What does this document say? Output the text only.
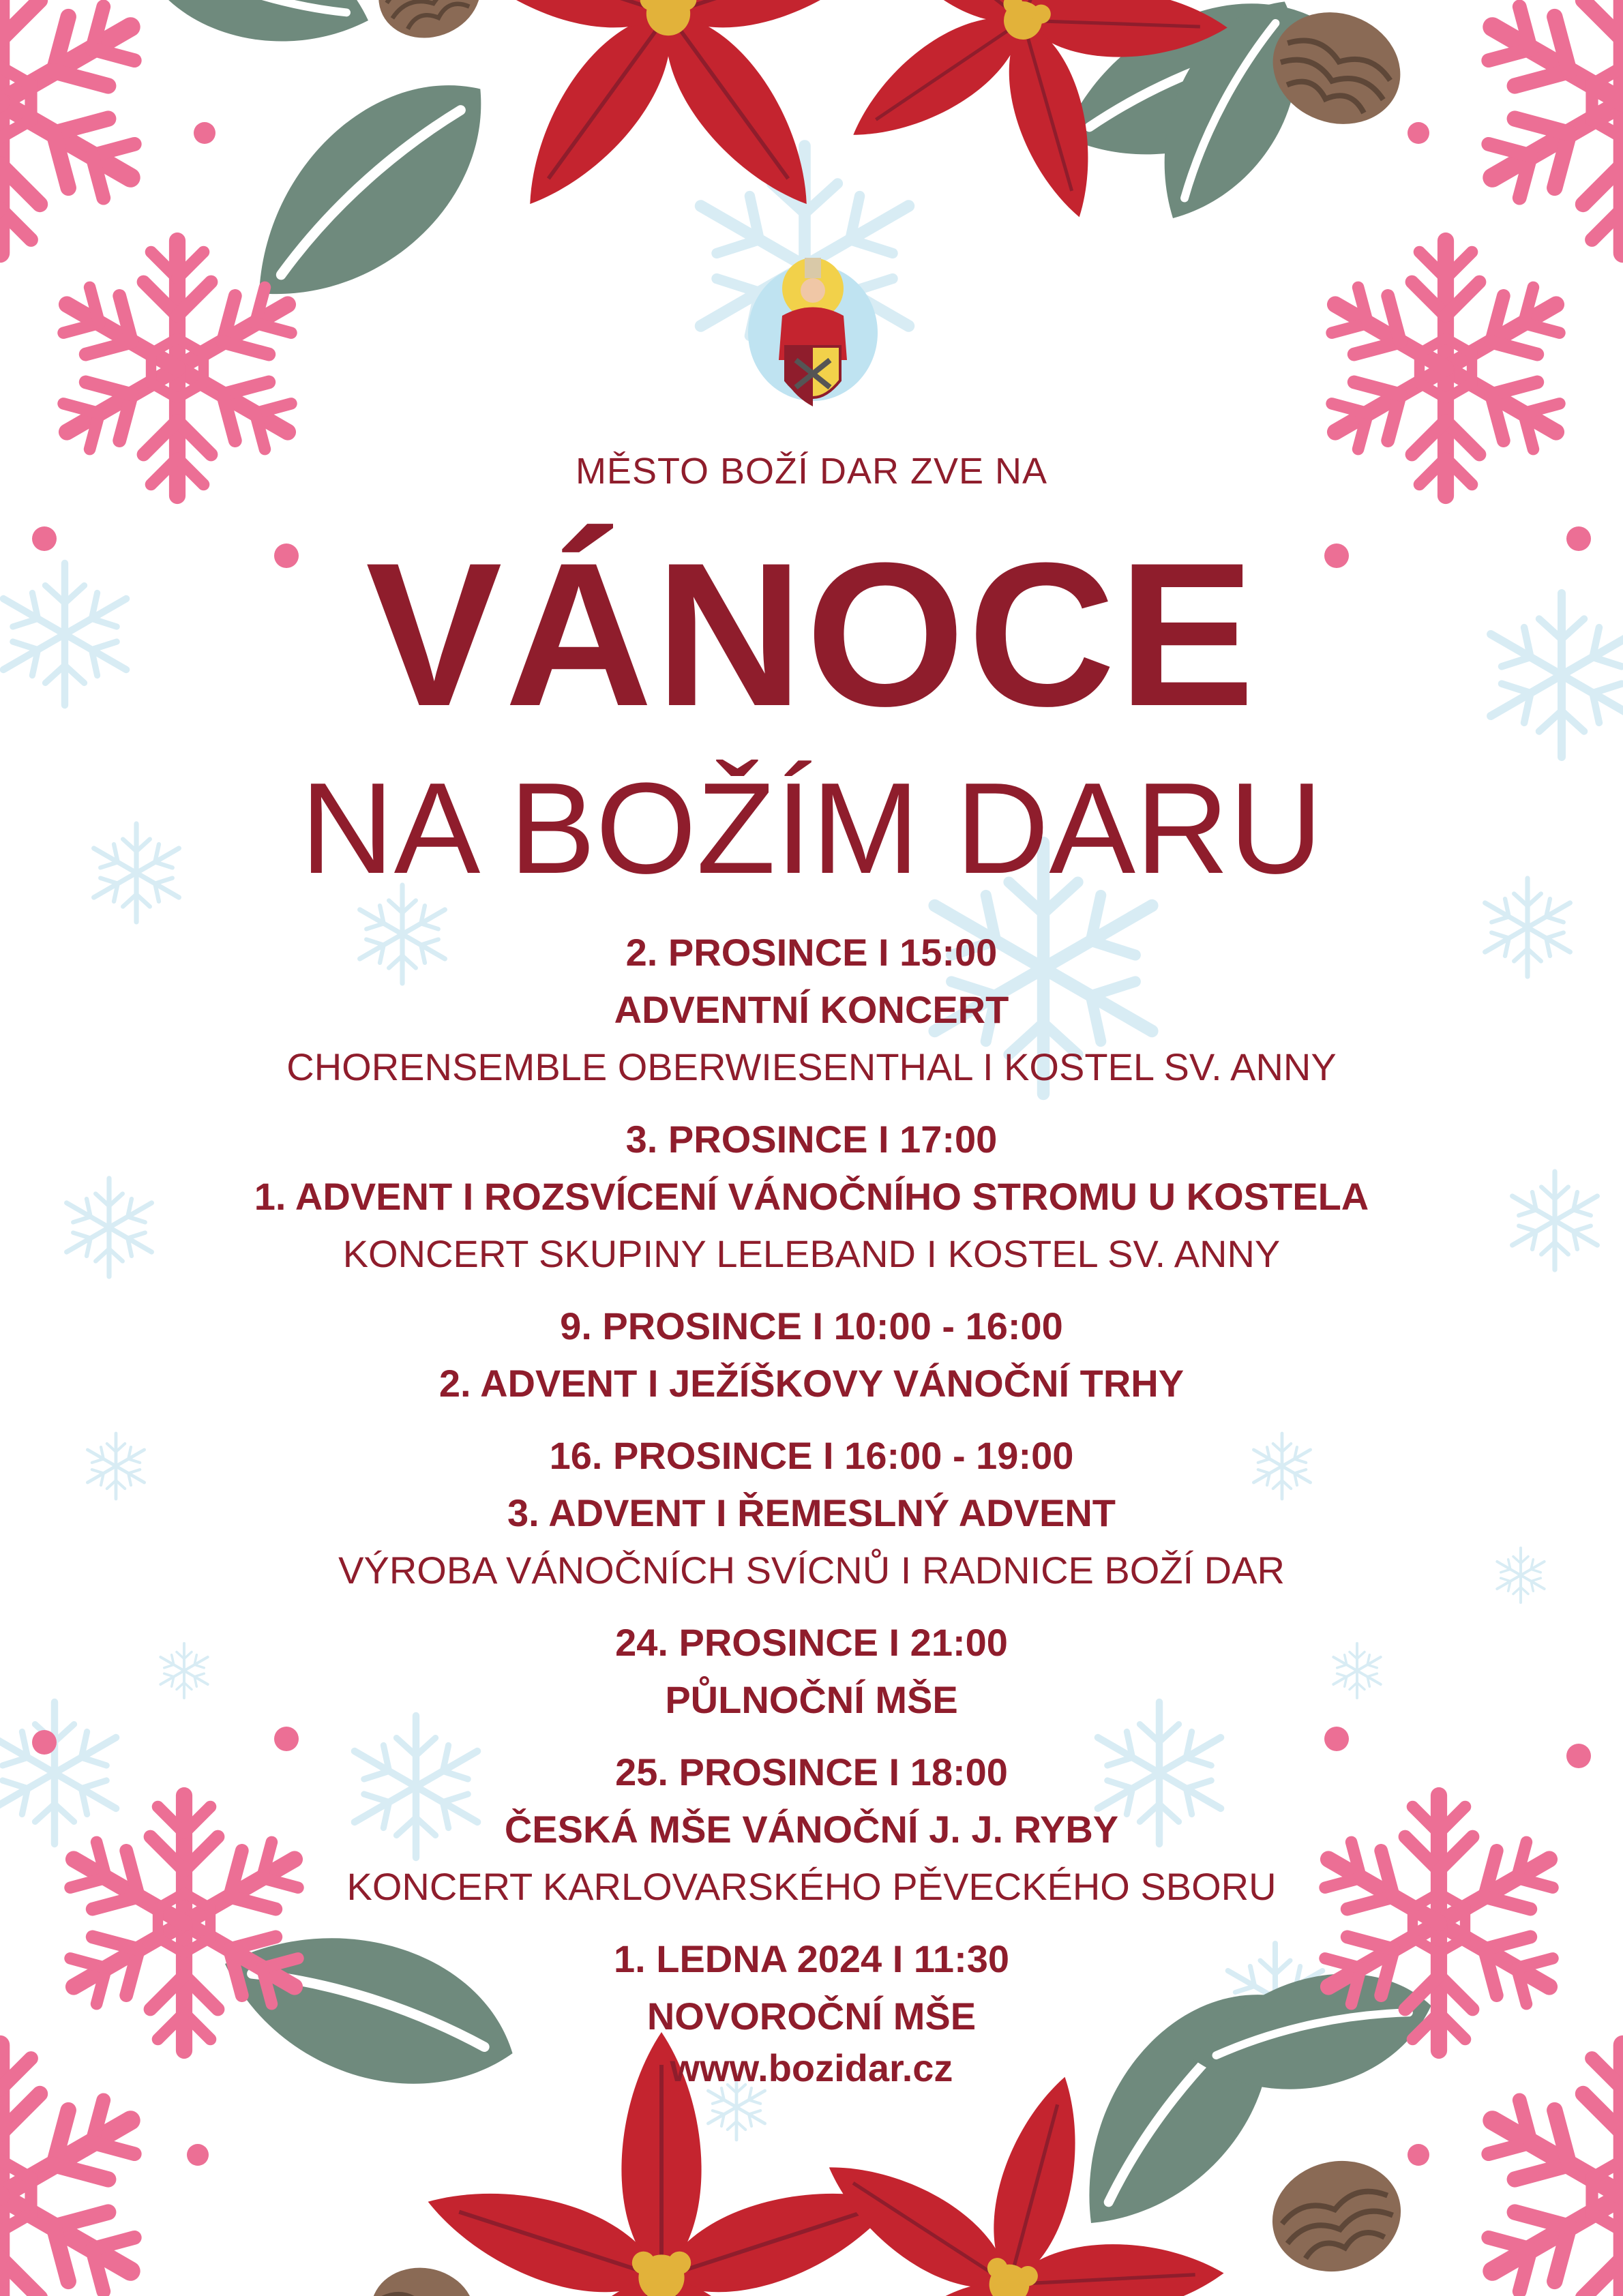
MĚSTO BOŽÍ DAR ZVE NA
VÁNOCE
NA BOŽÍM DARU
2. PROSINCE I 15:00
ADVENTNÍ KONCERT
CHORENSEMBLE OBERWIESENTHAL I KOSTEL SV. ANNY
3. PROSINCE I 17:00
1. ADVENT I ROZSVÍCENÍ VÁNOČNÍHO STROMU U KOSTELA
KONCERT SKUPINY LELEBAND I KOSTEL SV. ANNY
9. PROSINCE I 10:00 - 16:00
2. ADVENT I JEŽÍŠKOVY VÁNOČNÍ TRHY
16. PROSINCE I 16:00 - 19:00
3. ADVENT I ŘEMESLNÝ ADVENT
VÝROBA VÁNOČNÍCH SVÍCNŮ I RADNICE BOŽÍ DAR
24. PROSINCE I 21:00
PŮLNOČNÍ MŠE
25. PROSINCE I 18:00
ČESKÁ MŠE VÁNOČNÍ J. J. RYBY
KONCERT KARLOVARSKÉHO PĚVECKÉHO SBORU
1. LEDNA 2024 I 11:30
NOVOROČNÍ MŠE
www.bozidar.cz
